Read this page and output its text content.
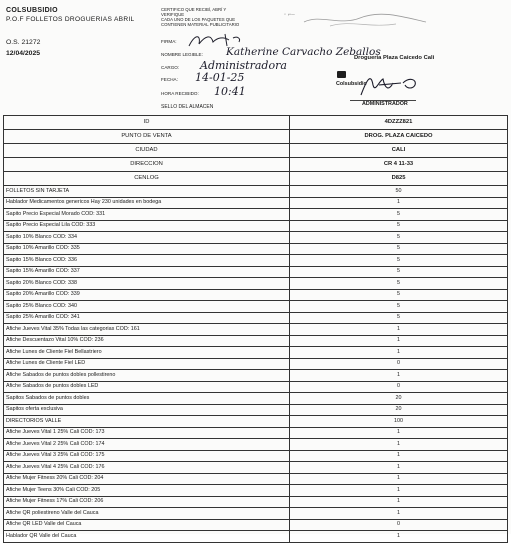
COLSUBSIDIO
P.O.F FOLLETOS DROGUERIAS ABRIL
O.S. 21272
12/04/2025
CERTIFICO QUE RECIBÍ, ABRÍ Y
VERIFIQUE
CADA UNO DE LOS PAQUETES QUE
CONTIENEN MATERIAL PUBLICITARIO
◦ ⌐ ̶
FIRMA:
NOMBRE LEGIBLE:
CARGO:
FECHA:
HORA RECIBIDO:
SELLO DEL ALMACEN
Katherine Carvacho Zeballos
Administradora
14-01-25
10:41
Drogueria Plaza Caicedo Cali
Colsubsidio
ADMINISTRADOR
ID	4DZZZ821
PUNTO DE VENTA	DROG. PLAZA CAICEDO
CIUDAD	CALI
DIRECCION	CR 4 11-33
CENLOG	D825
FOLLETOS SIN TARJETA	50
Hablador Medicamentos genericos Hay 230 unidades en bodega	1
Sapito Precio Especial Morado COD: 331	5
Sapito Precio Especial Lila COD: 333	5
Sapito 10% Blanco COD: 334	5
Sapito 10% Amarillo COD: 335	5
Sapito 15% Blanco COD: 336	5
Sapito 15% Amarillo COD: 337	5
Sapito 20% Blanco COD: 338	5
Sapito 20% Amarillo COD: 339	5
Sapito 25% Blanco COD: 340	5
Sapito 25% Amarillo COD: 341	5
Afiche Jueves Vital 35% Todas las categorias COD: 161	1
Afiche Descuentazo Vital 10% COD: 236	1
Afiche Lunes de Cliente Fiel Bellastriero	1
Afiche Lunes de Cliente Fiel LED	0
Afiche Sabados de puntos dobles pollestireno	1
Afiche Sabados de puntos dobles LED	0
Sapitos Sabados de puntos dobles	20
Sapitos oferta exclusiva	20
DIRECTORIOS VALLE	100
Afiche Jueves Vital 1 25% Cali COD: 173	1
Afiche Jueves Vital 2 25% Cali COD: 174	1
Afiche Jueves Vital 3 25% Cali COD: 175	1
Afiche Jueves Vital 4 25% Cali COD: 176	1
Afiche Mujer Fitness 20% Cali COD: 204	1
Afiche Mujer Teens 30% Cali COD: 205	1
Afiche Mujer Fitness 17% Cali COD: 206	1
Afiche QR poliestireno Valle del Cauca	1
Afiche QR LED Valle del Cauca	0
Hablador QR Valle del Cauca	1
